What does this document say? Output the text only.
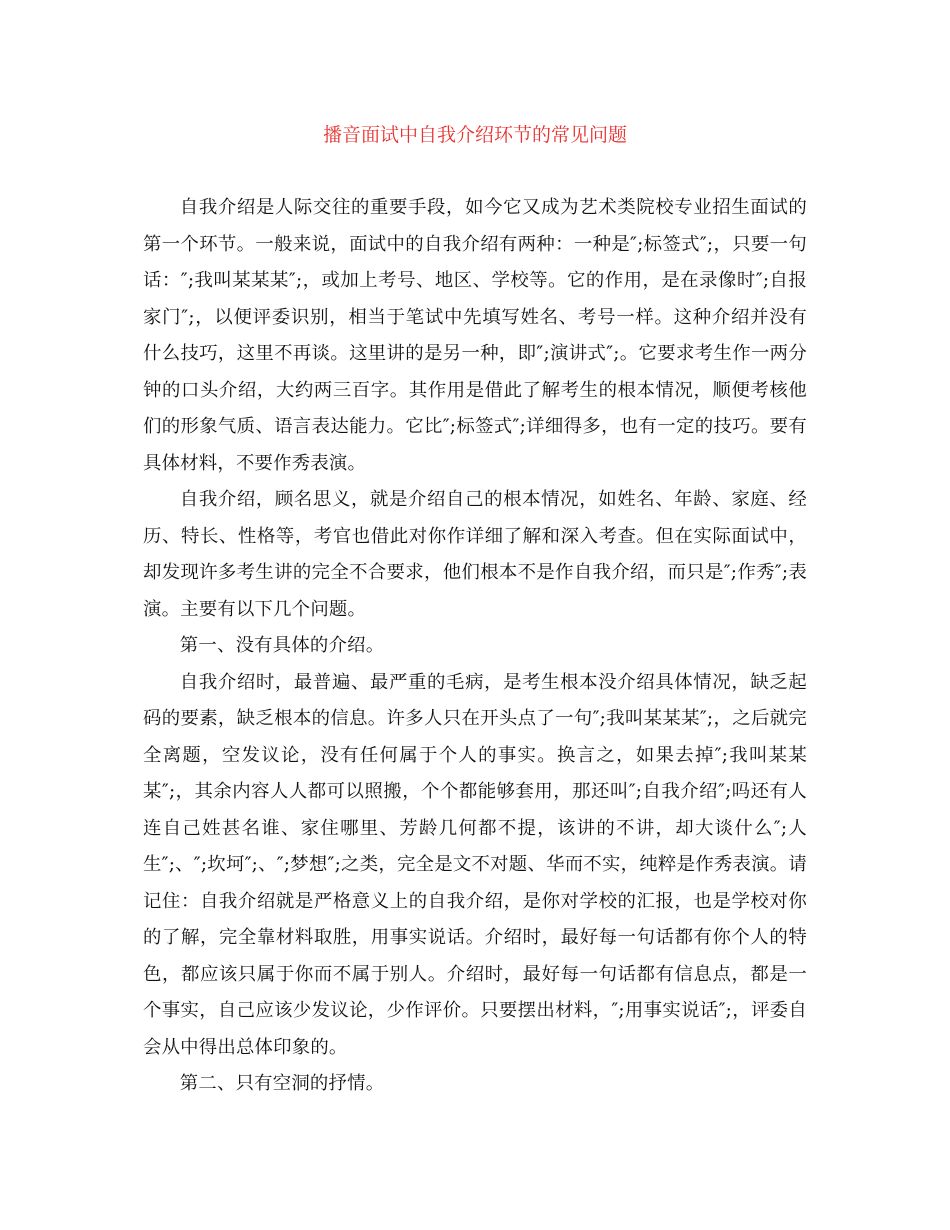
播音面试中自我介绍环节的常见问题

自我介绍是人际交往的重要手段，如今它又成为艺术类院校专业招生面试的第一个环节。一般来说，面试中的自我介绍有两种：一种是″;标签式″;，只要一句话：″;我叫某某某″;，或加上考号、地区、学校等。它的作用，是在录像时″;自报家门″;，以便评委识别，相当于笔试中先填写姓名、考号一样。这种介绍并没有什么技巧，这里不再谈。这里讲的是另一种，即″;演讲式″;。它要求考生作一两分钟的口头介绍，大约两三百字。其作用是借此了解考生的根本情况，顺便考核他们的形象气质、语言表达能力。它比″;标签式″;详细得多，也有一定的技巧。要有具体材料，不要作秀表演。

自我介绍，顾名思义，就是介绍自己的根本情况，如姓名、年龄、家庭、经历、特长、性格等，考官也借此对你作详细了解和深入考查。但在实际面试中，却发现许多考生讲的完全不合要求，他们根本不是作自我介绍，而只是″;作秀″;表演。主要有以下几个问题。

第一、没有具体的介绍。

自我介绍时，最普遍、最严重的毛病，是考生根本没介绍具体情况，缺乏起码的要素，缺乏根本的信息。许多人只在开头点了一句″;我叫某某某″;，之后就完全离题，空发议论，没有任何属于个人的事实。换言之，如果去掉″;我叫某某某″;，其余内容人人都可以照搬，个个都能够套用，那还叫″;自我介绍″;吗还有人连自己姓甚名谁、家住哪里、芳龄几何都不提，该讲的不讲，却大谈什么″;人生″;、″;坎坷″;、″;梦想″;之类，完全是文不对题、华而不实，纯粹是作秀表演。请记住：自我介绍就是严格意义上的自我介绍，是你对学校的汇报，也是学校对你的了解，完全靠材料取胜，用事实说话。介绍时，最好每一句话都有你个人的特色，都应该只属于你而不属于别人。介绍时，最好每一句话都有信息点，都是一个事实，自己应该少发议论，少作评价。只要摆出材料，″;用事实说话″;，评委自会从中得出总体印象的。

第二、只有空洞的抒情。
